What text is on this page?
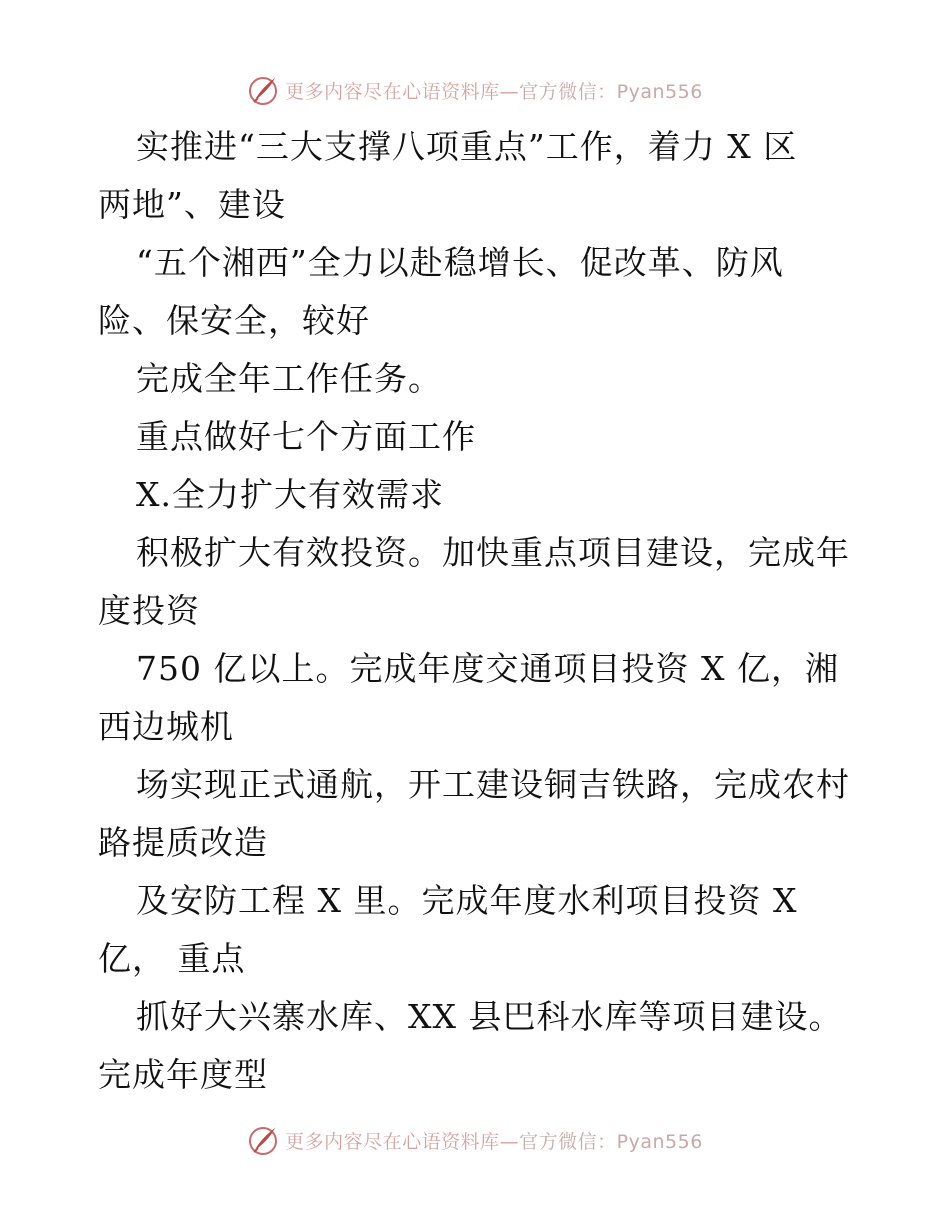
更多内容尽在心语资料库—官方微信：Pyan556
实推进“三大支撑八项重点”工作，着力 X 区
两地”、建设
“五个湘西”全力以赴稳增长、促改革、防风
险、保安全，较好
完成全年工作任务。
重点做好七个方面工作
X.全力扩大有效需求
积极扩大有效投资。加快重点项目建设，完成年
度投资
750 亿以上。完成年度交通项目投资 X 亿，湘
西边城机
场实现正式通航，开工建设铜吉铁路，完成农村
路提质改造
及安防工程 X 里。完成年度水利项目投资 X
亿， 重点
抓好大兴寨水库、XX 县巴科水库等项目建设。
完成年度型
更多内容尽在心语资料库—官方微信：Pyan556
